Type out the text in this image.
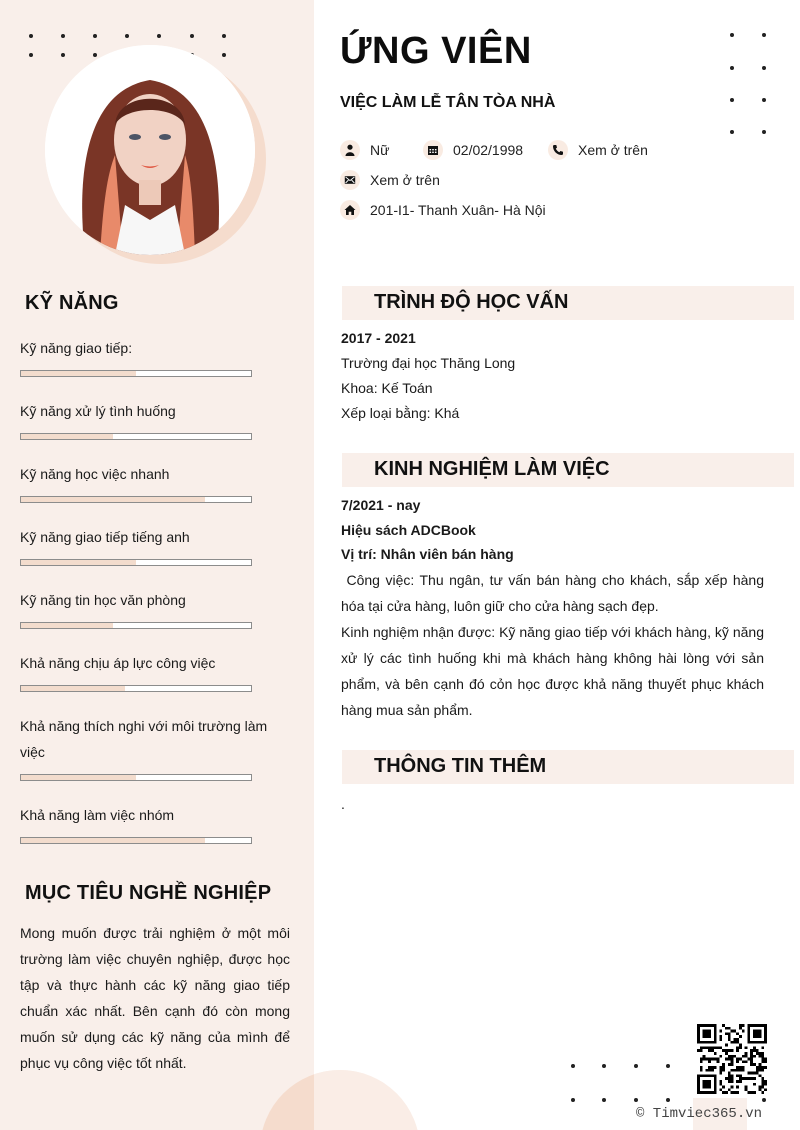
KỸ NĂNG
Kỹ năng giao tiếp:
Kỹ năng xử lý tình huống
Kỹ năng học việc nhanh
Kỹ năng giao tiếp tiếng anh
Kỹ năng tin học văn phòng
Khả năng chịu áp lực công việc
Khả năng thích nghi với môi trường làm việc
Khả năng làm việc nhóm
MỤC TIÊU NGHỀ NGHIỆP
Mong muốn được trải nghiệm ở một môi trường làm việc chuyên nghiệp, được học tập và thực hành các kỹ năng giao tiếp chuẩn xác nhất. Bên cạnh đó còn mong muốn sử dụng các kỹ năng của mình để phục vụ công việc tốt nhất.
ỨNG VIÊN
VIỆC LÀM LỄ TÂN TÒA NHÀ
Nữ	02/02/1998	Xem ở trên
Xem ở trên
201-I1- Thanh Xuân- Hà Nội
TRÌNH ĐỘ HỌC VẤN
2017 - 2021
Trường đại học Thăng Long
Khoa: Kế Toán
Xếp loại bằng: Khá
KINH NGHIỆM LÀM VIỆC
7/2021 - nay
Hiệu sách ADCBook
Vị trí: Nhân viên bán hàng
Công việc: Thu ngân, tư vấn bán hàng cho khách, sắp xếp hàng hóa tại cửa hàng, luôn giữ cho cửa hàng sạch đẹp.
Kinh nghiệm nhận được: Kỹ năng giao tiếp với khách hàng, kỹ năng xử lý các tình huống khi mà khách hàng không hài lòng với sản phẩm, và bên cạnh đó cỏn học được khả năng thuyết phục khách hàng mua sản phẩm.
THÔNG TIN THÊM
.
© Timviec365.vn
